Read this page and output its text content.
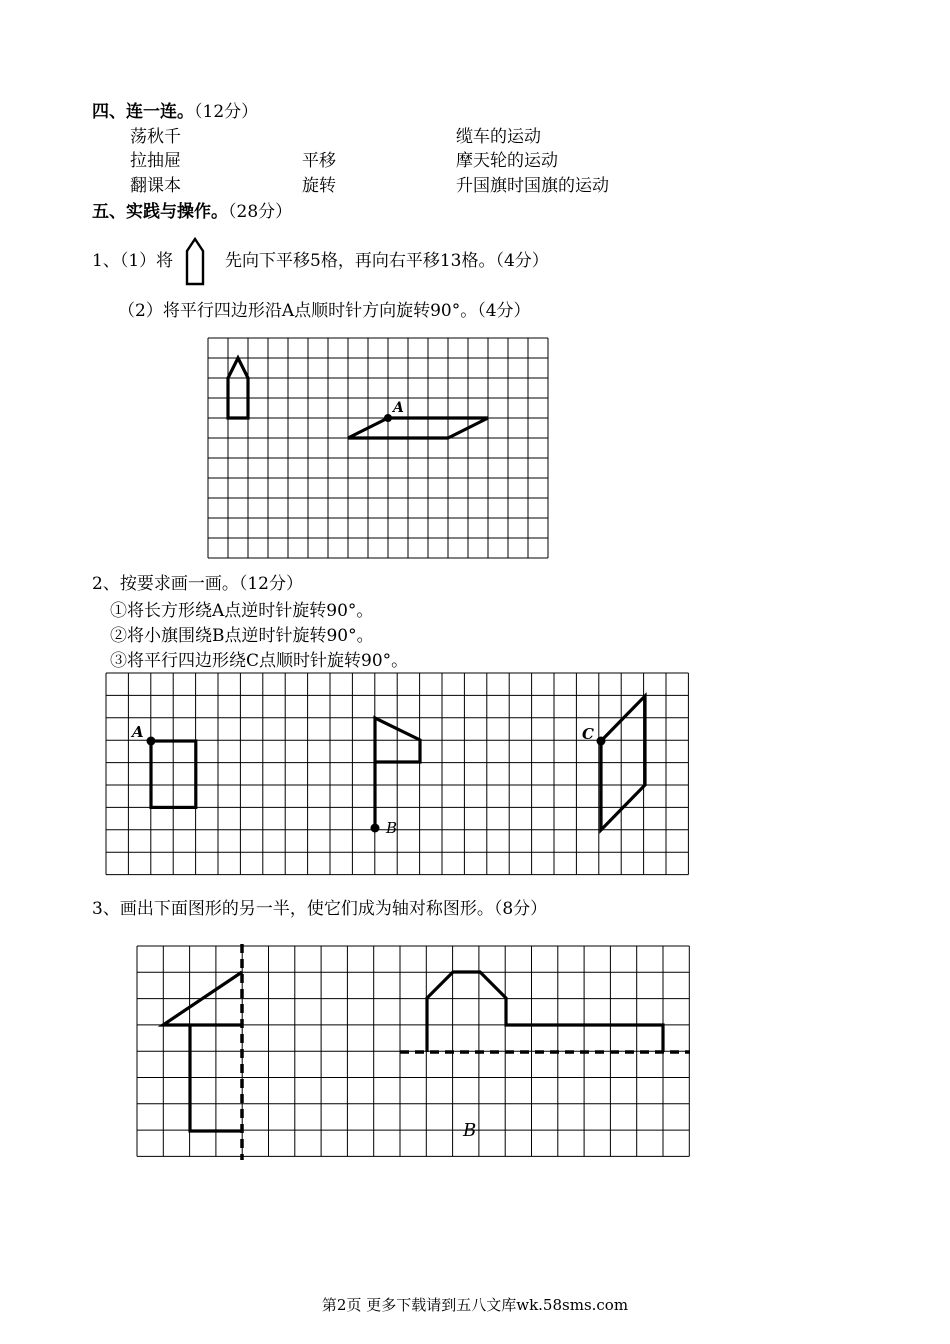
四、连一连。（12分）
荡秋千
拉抽屉
翻课本
平移
旋转
缆车的运动
摩天轮的运动
升国旗时国旗的运动
五、实践与操作。（28分）
1、（1）将	先向下平移5格，再向右平移13格。（4分）
（2）将平行四边形沿A点顺时针方向旋转90°。（4分）
A
2、按要求画一画。（12分）
①将长方形绕A点逆时针旋转90°。
②将小旗围绕B点逆时针旋转90°。
③将平行四边形绕C点顺时针旋转90°。
A
B
C
3、画出下面图形的另一半，使它们成为轴对称图形。（8分）
B
第2页 更多下载请到五八文库wk.58sms.com
